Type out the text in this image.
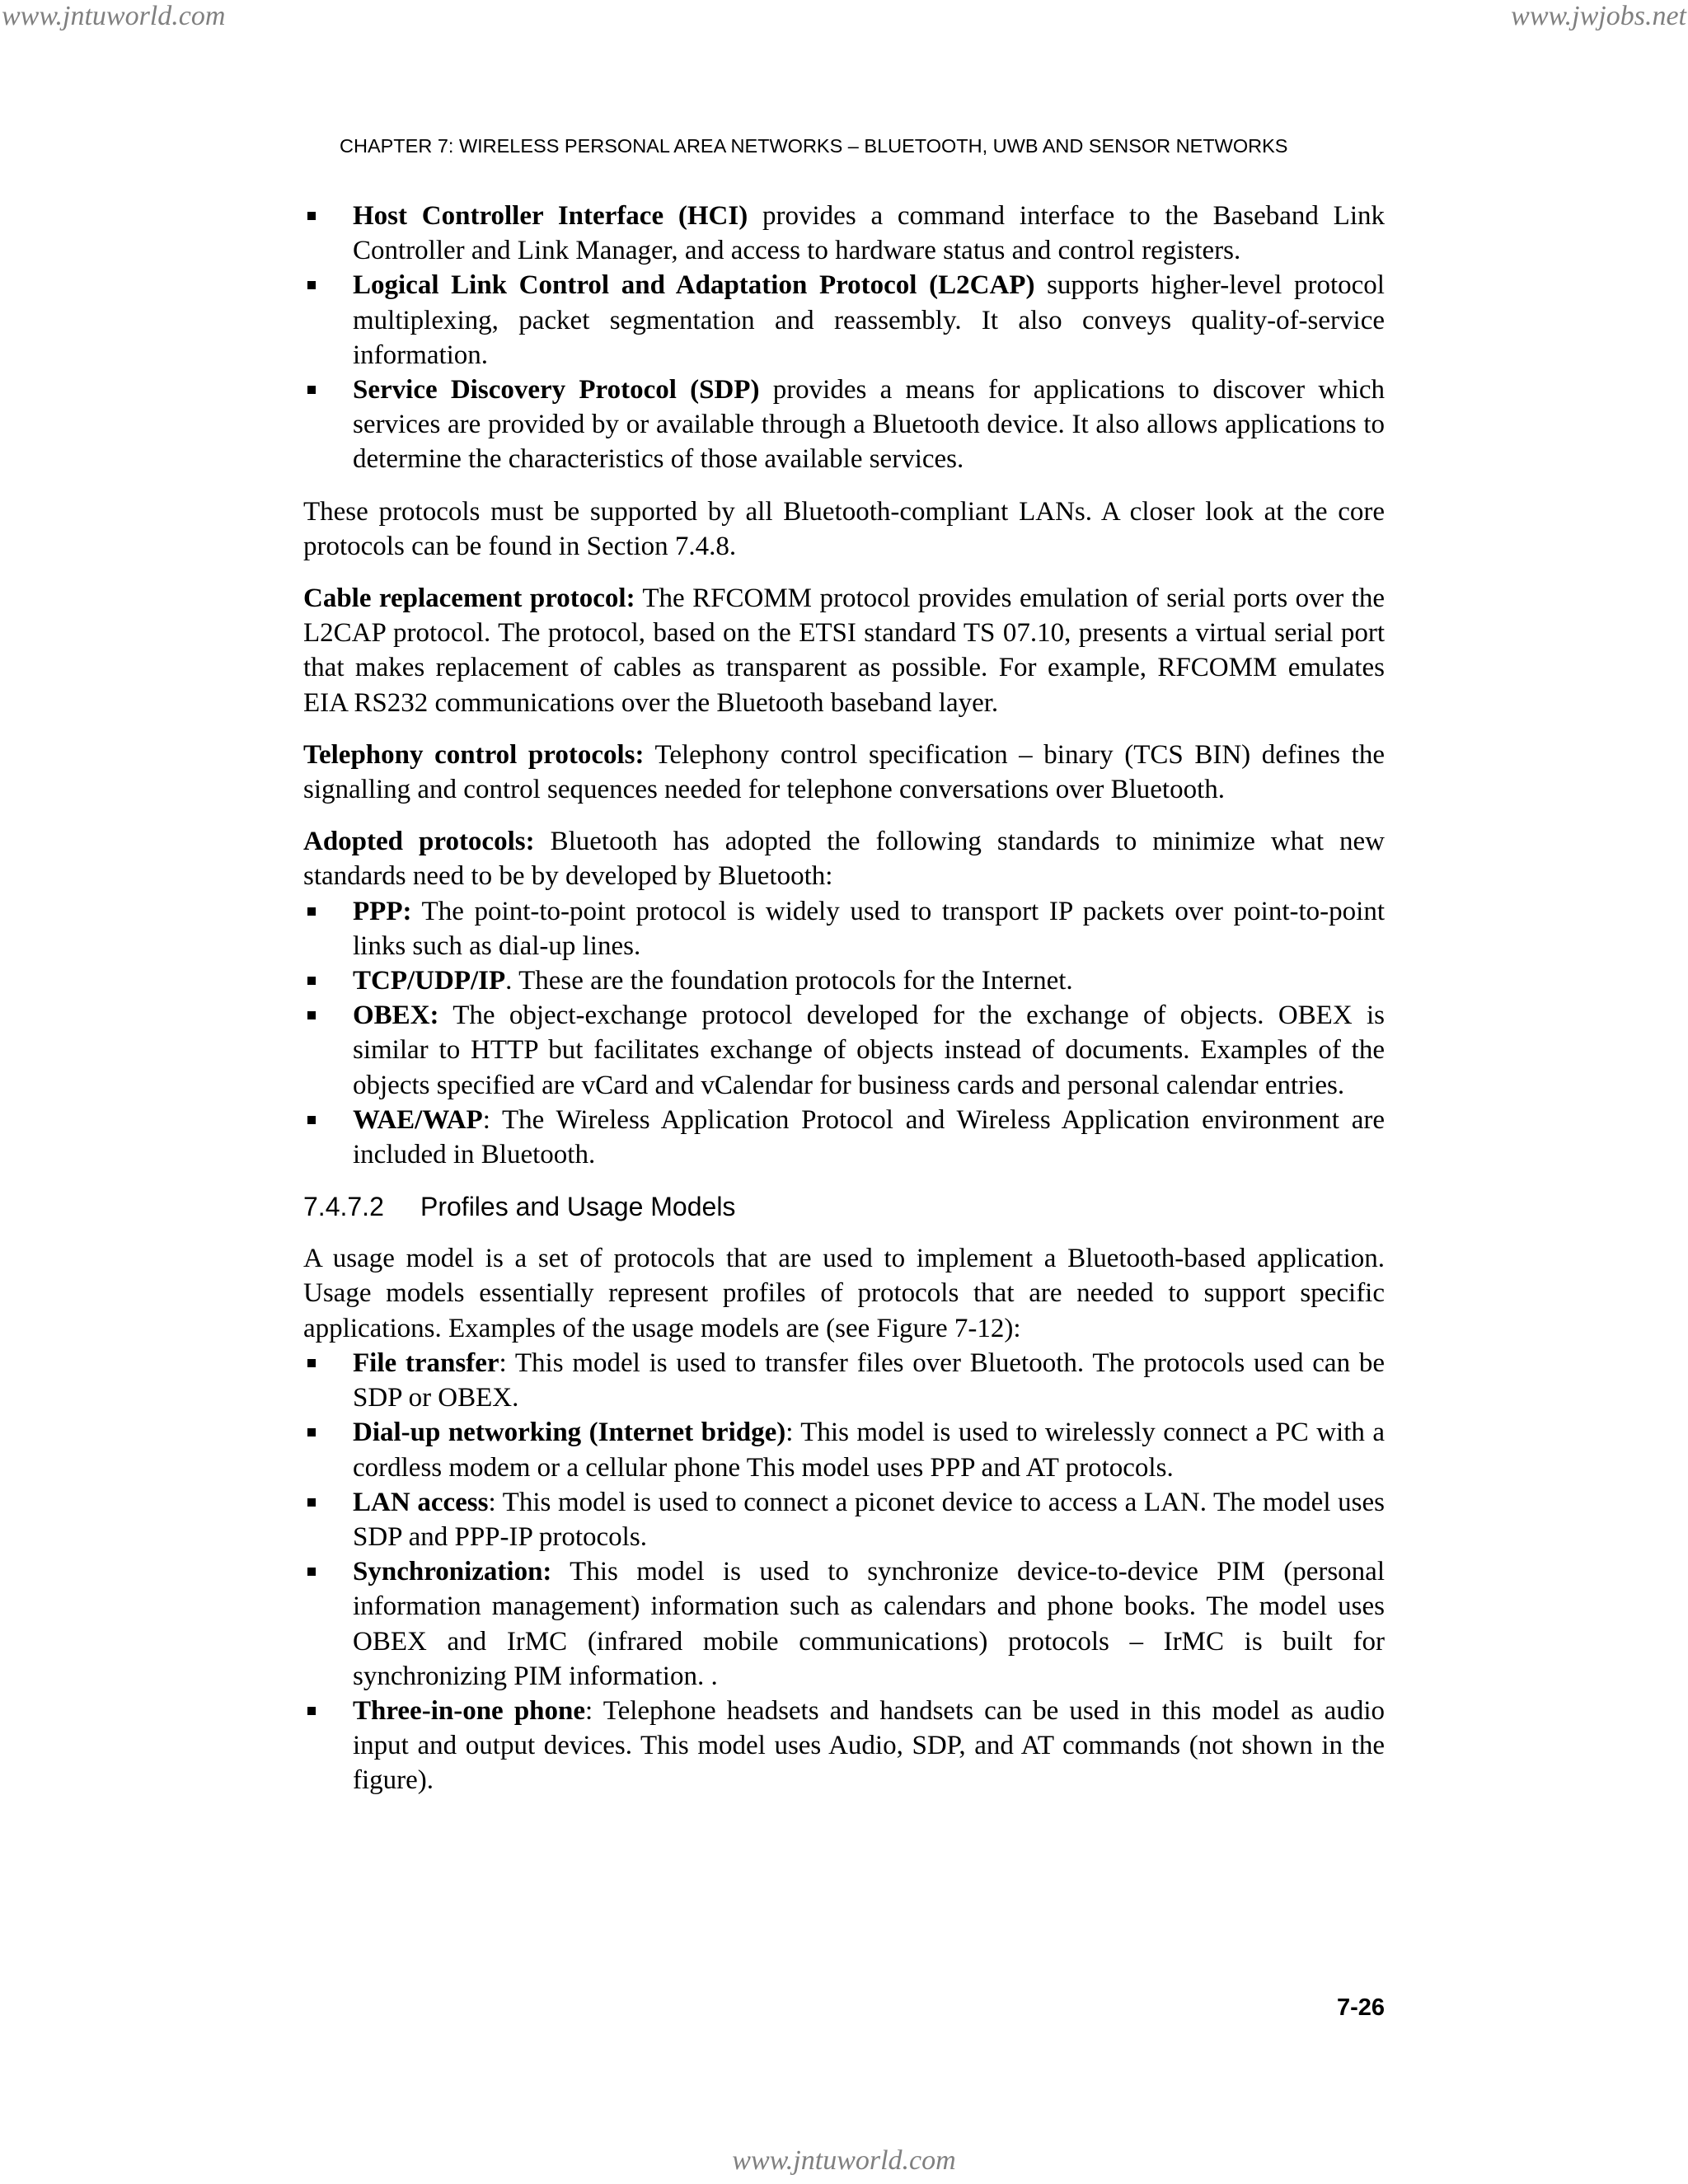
www.jntuworld.com	www.jwjobs.net
CHAPTER 7: WIRELESS PERSONAL AREA NETWORKS – BLUETOOTH, UWB AND SENSOR NETWORKS
Host Controller Interface (HCI) provides a command interface to the Baseband Link Controller and Link Manager, and access to hardware status and control registers.
Logical Link Control and Adaptation Protocol (L2CAP) supports higher-level protocol multiplexing, packet segmentation and reassembly. It also conveys quality-of-service information.
Service Discovery Protocol (SDP) provides a means for applications to discover which services are provided by or available through a Bluetooth device. It also allows applications to determine the characteristics of those available services.

These protocols must be supported by all Bluetooth-compliant LANs. A closer look at the core protocols can be found in Section 7.4.8.

Cable replacement protocol: The RFCOMM protocol provides emulation of serial ports over the L2CAP protocol. The protocol, based on the ETSI standard TS 07.10, presents a virtual serial port that makes replacement of cables as transparent as possible. For example, RFCOMM emulates EIA RS232 communications over the Bluetooth baseband layer.

Telephony control protocols: Telephony control specification – binary (TCS BIN) defines the signalling and control sequences needed for telephone conversations over Bluetooth.

Adopted protocols: Bluetooth has adopted the following standards to minimize what new standards need to be by developed by Bluetooth:

PPP: The point-to-point protocol is widely used to transport IP packets over point-to-point links such as dial-up lines.
TCP/UDP/IP. These are the foundation protocols for the Internet.
OBEX: The object-exchange protocol developed for the exchange of objects. OBEX is similar to HTTP but facilitates exchange of objects instead of documents. Examples of the objects specified are vCard and vCalendar for business cards and personal calendar entries.
WAE/WAP: The Wireless Application Protocol and Wireless Application environment are included in Bluetooth.
7.4.7.2 Profiles and Usage Models

A usage model is a set of protocols that are used to implement a Bluetooth-based application. Usage models essentially represent profiles of protocols that are needed to support specific applications. Examples of the usage models are (see Figure 7-12):

File transfer: This model is used to transfer files over Bluetooth. The protocols used can be SDP or OBEX.
Dial-up networking (Internet bridge): This model is used to wirelessly connect a PC with a cordless modem or a cellular phone This model uses PPP and AT protocols.
LAN access: This model is used to connect a piconet device to access a LAN. The model uses SDP and PPP-IP protocols.
Synchronization: This model is used to synchronize device-to-device PIM (personal information management) information such as calendars and phone books. The model uses OBEX and IrMC (infrared mobile communications) protocols – IrMC is built for synchronizing PIM information. .
Three-in-one phone: Telephone headsets and handsets can be used in this model as audio input and output devices. This model uses Audio, SDP, and AT commands (not shown in the figure).
7-26
www.jntuworld.com
